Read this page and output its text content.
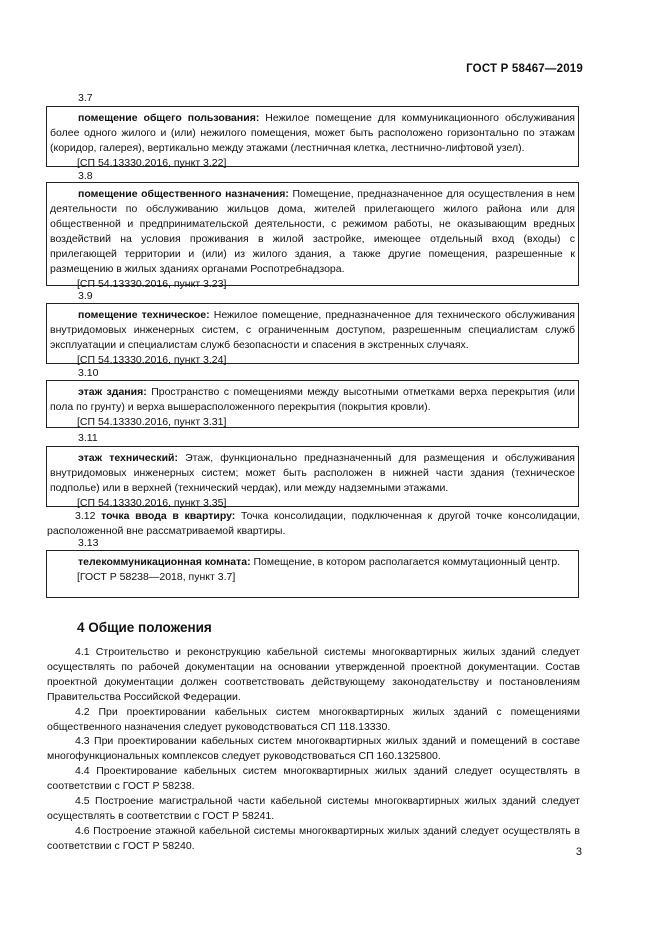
ГОСТ Р 58467—2019
3.7

помещение общего пользования: Нежилое помещение для коммуникационного обслуживания более одного жилого и (или) нежилого помещения, может быть расположено горизонтально по этажам (коридор, галерея), вертикально между этажами (лестничная клетка, лестнично-лифтовой узел).

[СП 54.13330.2016, пункт 3.22]

3.8

помещение общественного назначения: Помещение, предназначенное для осуществления в нем деятельности по обслуживанию жильцов дома, жителей прилегающего жилого района или для общественной и предпринимательской деятельности, с режимом работы, не оказывающим вредных воздействий на условия проживания в жилой застройке, имеющее отдельный вход (входы) с прилегающей территории и (или) из жилого здания, а также другие помещения, разрешенные к размещению в жилых зданиях органами Роспотребнадзора.

[СП 54.13330.2016, пункт 3.23]

3.9

помещение техническое: Нежилое помещение, предназначенное для технического обслуживания внутридомовых инженерных систем, с ограниченным доступом, разрешенным специалистам служб эксплуатации и специалистам служб безопасности и спасения в экстренных случаях.

[СП 54.13330.2016, пункт 3.24]

3.10

этаж здания: Пространство с помещениями между высотными отметками верха перекрытия (или пола по грунту) и верха вышерасположенного перекрытия (покрытия кровли).

[СП 54.13330.2016, пункт 3.31]

3.11

этаж технический: Этаж, функционально предназначенный для размещения и обслуживания внутридомовых инженерных систем; может быть расположен в нижней части здания (техническое подполье) или в верхней (технический чердак), или между надземными этажами.

[СП 54.13330.2016, пункт 3.35]

3.12 точка ввода в квартиру: Точка консолидации, подключенная к другой точке консолидации, расположенной вне рассматриваемой квартиры.

3.13

телекоммуникационная комната: Помещение, в котором располагается коммутационный центр.

[ГОСТ Р 58238—2018, пункт 3.7]

4 Общие положения

4.1 Строительство и реконструкцию кабельной системы многоквартирных жилых зданий следует осуществлять по рабочей документации на основании утвержденной проектной документации. Состав проектной документации должен соответствовать действующему законодательству и постановлениям Правительства Российской Федерации.

4.2 При проектировании кабельных систем многоквартирных жилых зданий с помещениями общественного назначения следует руководствоваться СП 118.13330.

4.3 При проектировании кабельных систем многоквартирных жилых зданий и помещений в составе многофункциональных комплексов следует руководствоваться СП 160.1325800.

4.4 Проектирование кабельных систем многоквартирных жилых зданий следует осуществлять в соответствии с ГОСТ Р 58238.

4.5 Построение магистральной части кабельной системы многоквартирных жилых зданий следует осуществлять в соответствии с ГОСТ Р 58241.

4.6 Построение этажной кабельной системы многоквартирных жилых зданий следует осуществлять в соответствии с ГОСТ Р 58240.

3
